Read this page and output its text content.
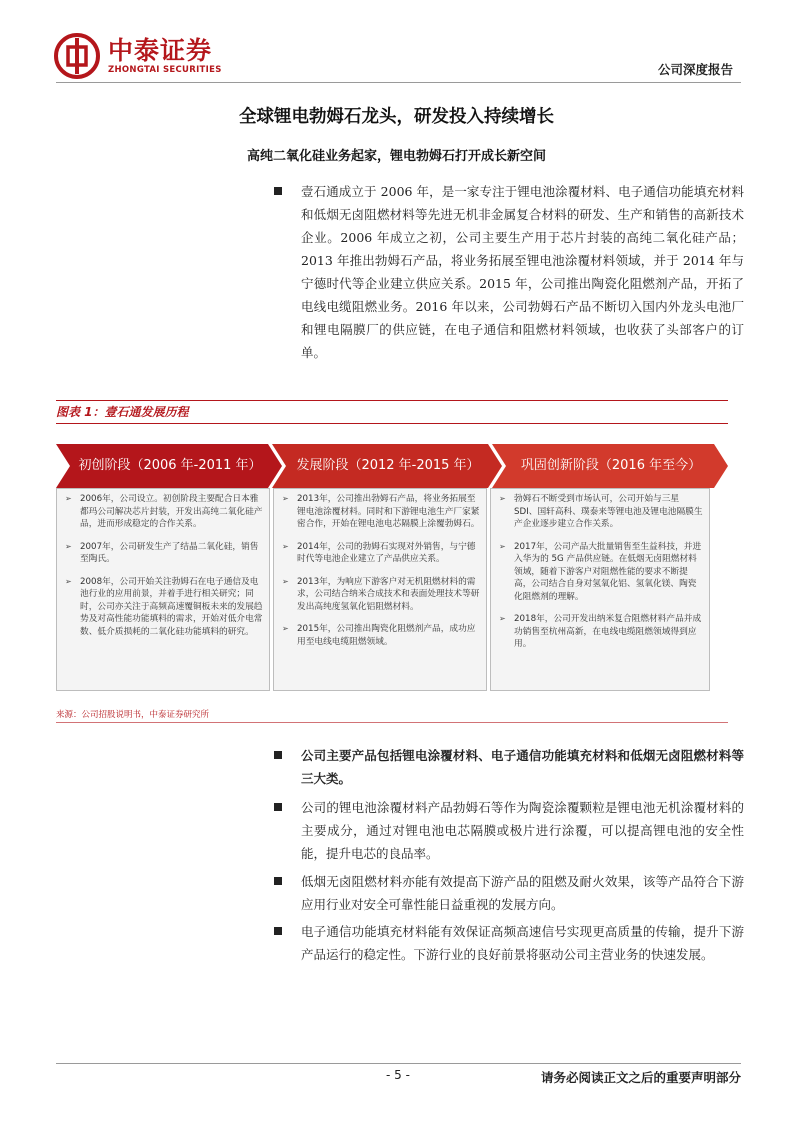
中泰证券
ZHONGTAI SECURITIES	公司深度报告
全球锂电勃姆石龙头，研发投入持续增长
高纯二氧化硅业务起家，锂电勃姆石打开成长新空间
壹石通成立于 2006 年，是一家专注于锂电池涂覆材料、电子通信功能填充材料和低烟无卤阻燃材料等先进无机非金属复合材料的研发、生产和销售的高新技术企业。2006 年成立之初，公司主要生产用于芯片封装的高纯二氧化硅产品；2013 年推出勃姆石产品，将业务拓展至锂电池涂覆材料领域，并于 2014 年与宁德时代等企业建立供应关系。2015 年，公司推出陶瓷化阻燃剂产品，开拓了电线电缆阻燃业务。2016 年以来，公司勃姆石产品不断切入国内外龙头电池厂和锂电隔膜厂的供应链，在电子通信和阻燃材料领域，也收获了头部客户的订单。
图表 1：壹石通发展历程
初创阶段（2006 年-2011 年）	发展阶段（2012 年-2015 年）	巩固创新阶段（2016 年至今）
➢ 2006年，公司设立。初创阶段主要配合日本雅都玛公司解决芯片封装，开发出高纯二氧化硅产品，进而形成稳定的合作关系。
➢ 2007年，公司研发生产了结晶二氧化硅，销售至陶氏。
➢ 2008年，公司开始关注勃姆石在电子通信及电池行业的应用前景，并着手进行相关研究；同时，公司亦关注于高频高速覆铜板未来的发展趋势及对高性能功能填料的需求，开始对低介电常数、低介质损耗的二氧化硅功能填料的研究。
➢ 2013年，公司推出勃姆石产品，将业务拓展至锂电池涂覆材料。同时和下游锂电池生产厂家紧密合作，开始在锂电池电芯隔膜上涂覆勃姆石。
➢ 2014年，公司的勃姆石实现对外销售，与宁德时代等电池企业建立了产品供应关系。
➢ 2013年，为响应下游客户对无机阻燃材料的需求，公司结合纳米合成技术和表面处理技术等研发出高纯度氢氧化铝阻燃材料。
➢ 2015年，公司推出陶瓷化阻燃剂产品，成功应用至电线电缆阻燃领域。
➢ 勃姆石不断受到市场认可，公司开始与三星 SDI、国轩高科、璞泰来等锂电池及锂电池隔膜生产企业逐步建立合作关系。
➢ 2017年，公司产品大批量销售至生益科技，并进入华为的 5G 产品供应链。在低烟无卤阻燃材料领域，随着下游客户对阻燃性能的要求不断提高，公司结合自身对氢氧化铝、氢氧化镁、陶瓷化阻燃剂的理解。
➢ 2018年，公司开发出纳米复合阻燃材料产品并成功销售至杭州高新，在电线电缆阻燃领域得到应用。
来源：公司招股说明书，中泰证券研究所
公司主要产品包括锂电涂覆材料、电子通信功能填充材料和低烟无卤阻燃材料等三大类。
公司的锂电池涂覆材料产品勃姆石等作为陶瓷涂覆颗粒是锂电池无机涂覆材料的主要成分，通过对锂电池电芯隔膜或极片进行涂覆，可以提高锂电池的安全性能，提升电芯的良品率。
低烟无卤阻燃材料亦能有效提高下游产品的阻燃及耐火效果，该等产品符合下游应用行业对安全可靠性能日益重视的发展方向。
电子通信功能填充材料能有效保证高频高速信号实现更高质量的传输，提升下游产品运行的稳定性。下游行业的良好前景将驱动公司主营业务的快速发展。
- 5 -	请务必阅读正文之后的重要声明部分
